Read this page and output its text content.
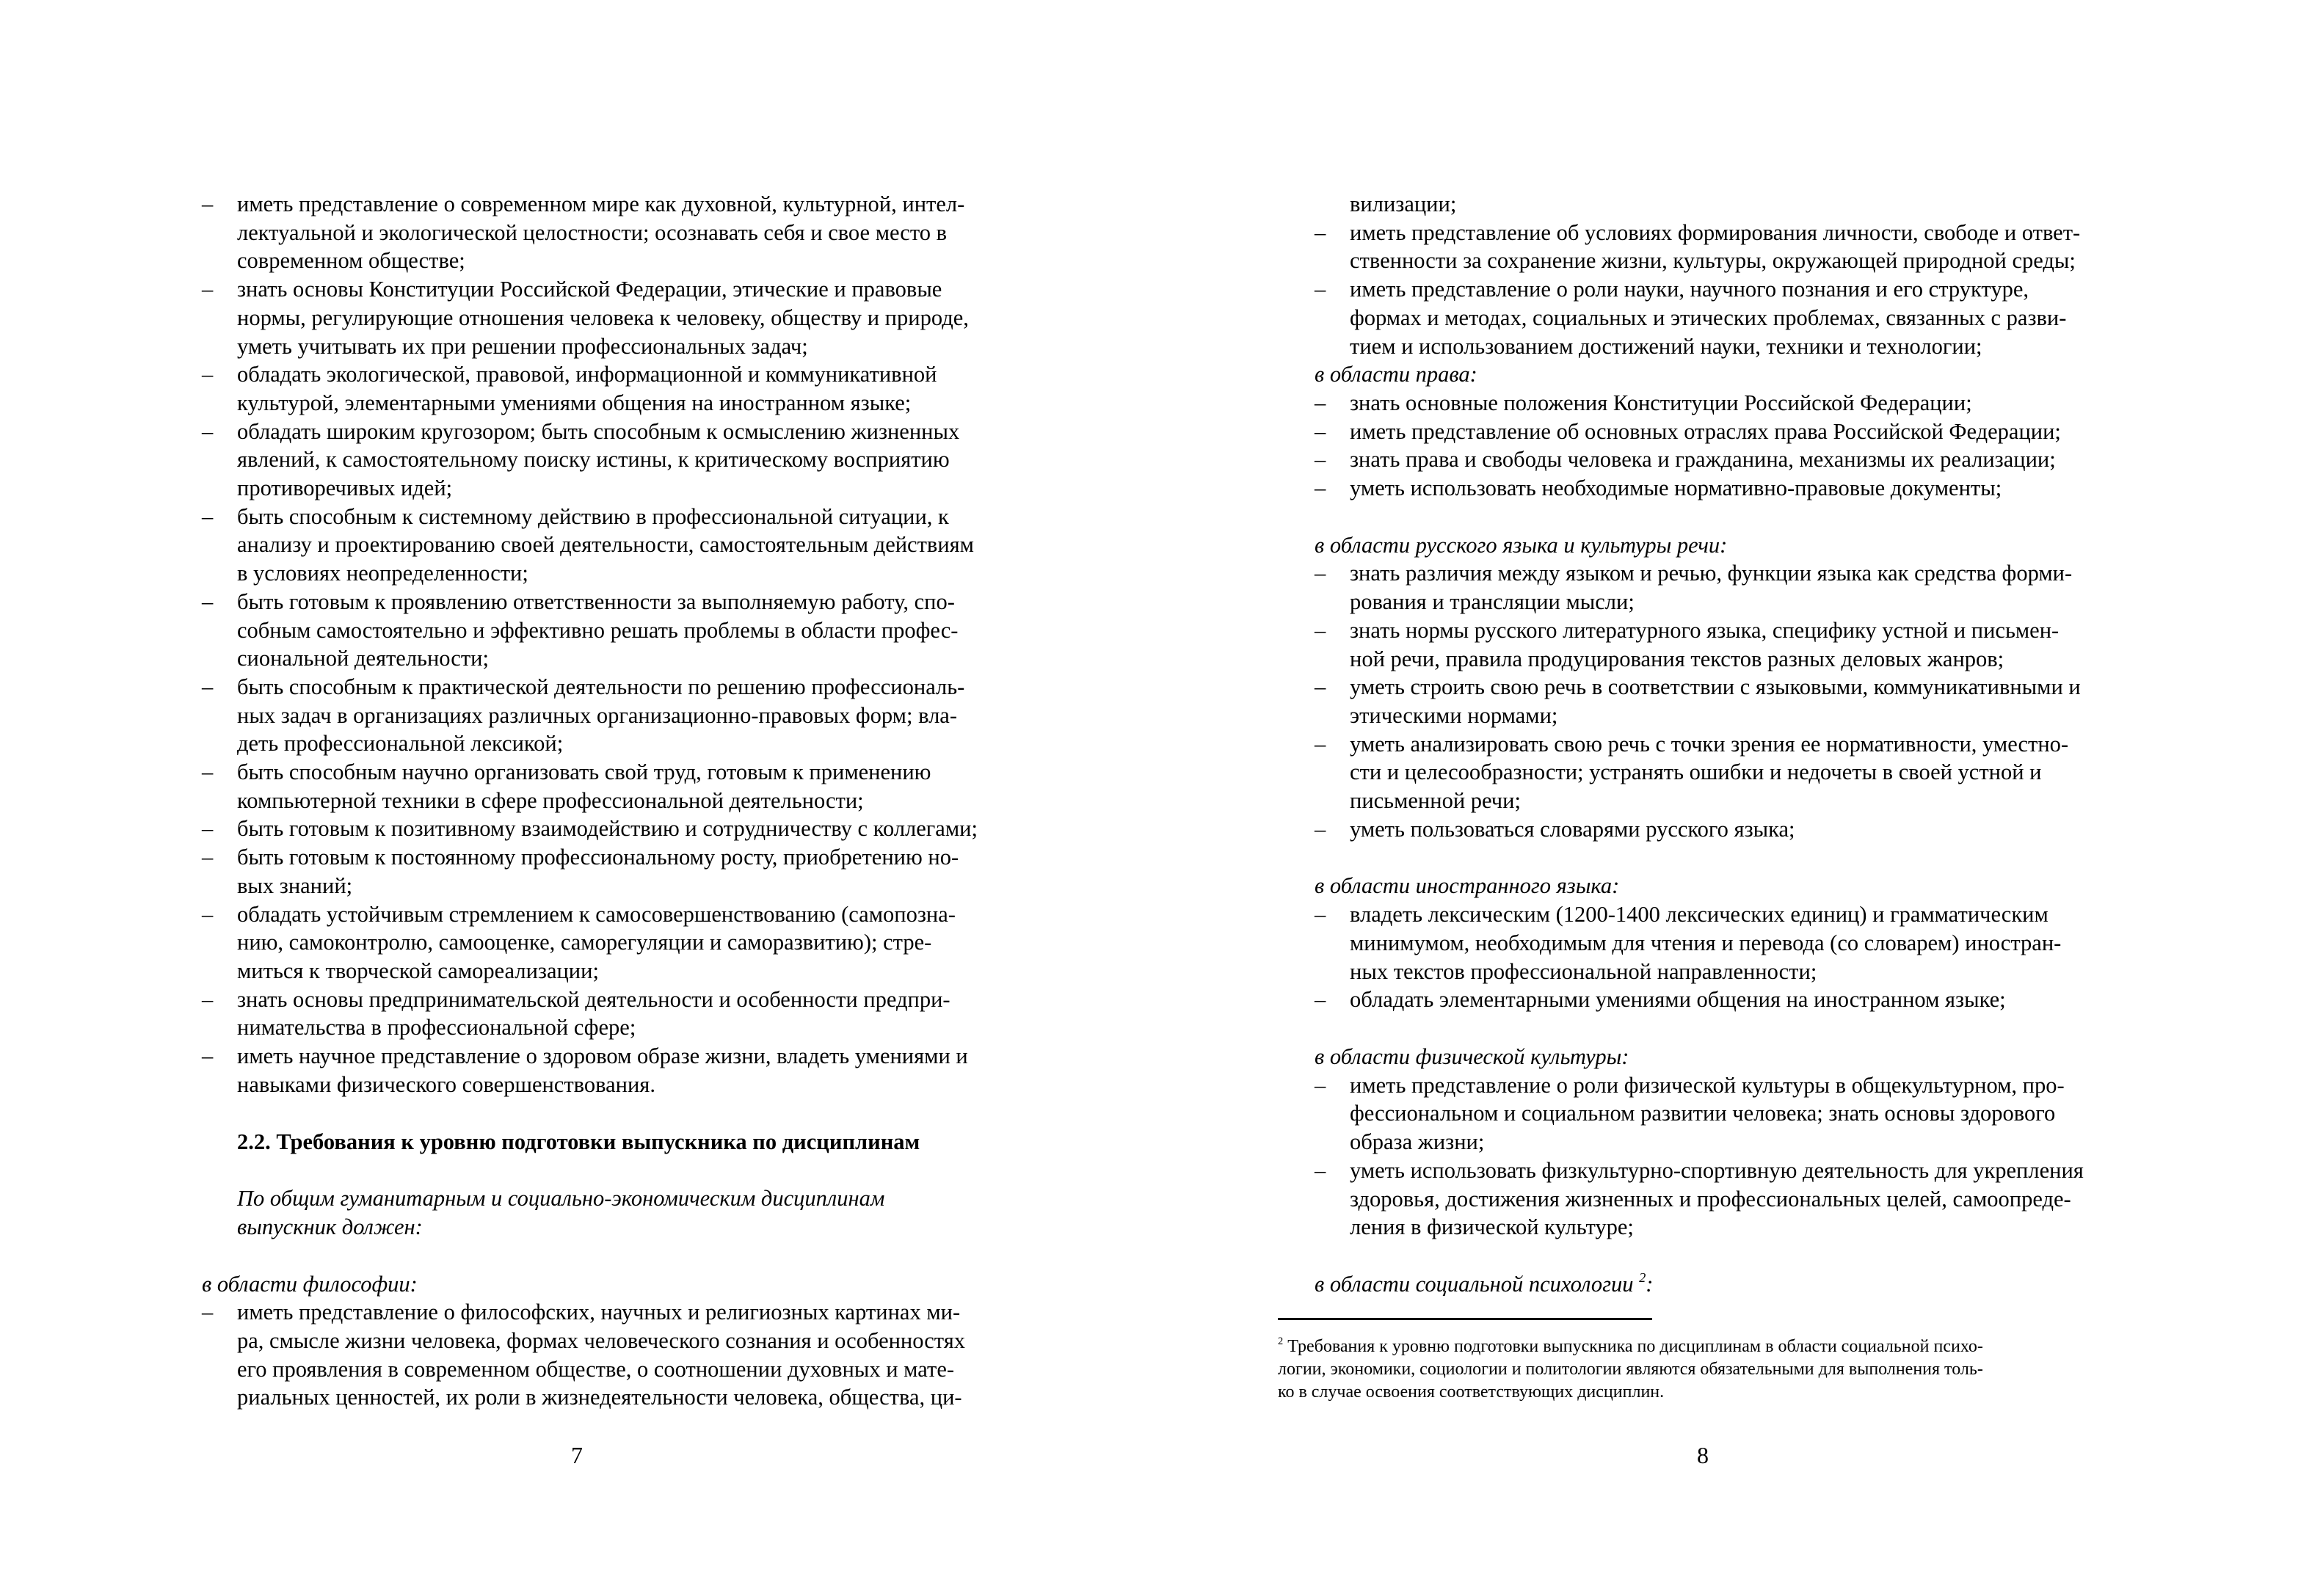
– иметь представление о современном мире как духовной, культурной, интел-
лектуальной и экологической целостности; осознавать себя и свое место в
современном обществе;
– знать основы Конституции Российской Федерации, этические и правовые
нормы, регулирующие отношения человека к человеку, обществу и природе,
уметь учитывать их при решении профессиональных задач;
– обладать экологической, правовой, информационной и коммуникативной
культурой, элементарными умениями общения на иностранном языке;
– обладать широким кругозором; быть способным к осмыслению жизненных
явлений, к самостоятельному поиску истины, к критическому восприятию
противоречивых идей;
– быть способным к системному действию в профессиональной ситуации, к
анализу и проектированию своей деятельности, самостоятельным действиям
в условиях неопределенности;
– быть готовым к проявлению ответственности за выполняемую работу, спо-
собным самостоятельно и эффективно решать проблемы в области профес-
сиональной деятельности;
– быть способным к практической деятельности по решению профессиональ-
ных задач в организациях различных организационно-правовых форм; вла-
деть профессиональной лексикой;
– быть способным научно организовать свой труд, готовым к применению
компьютерной техники в сфере профессиональной деятельности;
– быть готовым к позитивному взаимодействию и сотрудничеству с коллегами;
– быть готовым к постоянному профессиональному росту, приобретению но-
вых знаний;
– обладать устойчивым стремлением к самосовершенствованию (самопозна-
нию, самоконтролю, самооценке, саморегуляции и саморазвитию); стре-
миться к творческой самореализации;
– знать основы предпринимательской деятельности и особенности предпри-
нимательства в профессиональной сфере;
– иметь научное представление о здоровом образе жизни, владеть умениями и
навыками физического совершенствования.
2.2. Требования к уровню подготовки выпускника по дисциплинам
По общим гуманитарным и социально-экономическим дисциплинам
выпускник должен:
в области философии:
– иметь представление о философских, научных и религиозных картинах ми-
ра, смысле жизни человека, формах человеческого сознания и особенностях
его проявления в современном обществе, о соотношении духовных и мате-
риальных ценностей, их роли в жизнедеятельности человека, общества, ци-
7
вилизации;
– иметь представление об условиях формирования личности, свободе и ответ-
ственности за сохранение жизни, культуры, окружающей природной среды;
– иметь представление о роли науки, научного познания и его структуре,
формах и методах, социальных и этических проблемах, связанных с разви-
тием и использованием достижений науки, техники и технологии;
в области права:
– знать основные положения Конституции Российской Федерации;
– иметь представление об основных отраслях права Российской Федерации;
– знать права и свободы человека и гражданина, механизмы их реализации;
– уметь использовать необходимые нормативно-правовые документы;
в области русского языка и культуры речи:
– знать различия между языком и речью, функции языка как средства форми-
рования и трансляции мысли;
– знать нормы русского литературного языка, специфику устной и письмен-
ной речи, правила продуцирования текстов разных деловых жанров;
– уметь строить свою речь в соответствии с языковыми, коммуникативными и
этическими нормами;
– уметь анализировать свою речь с точки зрения ее нормативности, уместно-
сти и целесообразности; устранять ошибки и недочеты в своей устной и
письменной речи;
– уметь пользоваться словарями русского языка;
в области иностранного языка:
– владеть лексическим (1200-1400 лексических единиц) и грамматическим
минимумом, необходимым для чтения и перевода (со словарем) иностран-
ных текстов профессиональной направленности;
– обладать элементарными умениями общения на иностранном языке;
в области физической культуры:
– иметь представление о роли физической культуры в общекультурном, про-
фессиональном и социальном развитии человека; знать основы здорового
образа жизни;
– уметь использовать физкультурно-спортивную деятельность для укрепления
здоровья, достижения жизненных и профессиональных целей, самоопреде-
ления в физической культуре;
в области социальной психологии $^2$:
8
$^2$ Требования к уровню подготовки выпускника по дисциплинам в области социальной психо-
логии, экономики, социологии и политологии являются обязательными для выполнения толь-
ко в случае освоения соответствующих дисциплин.
